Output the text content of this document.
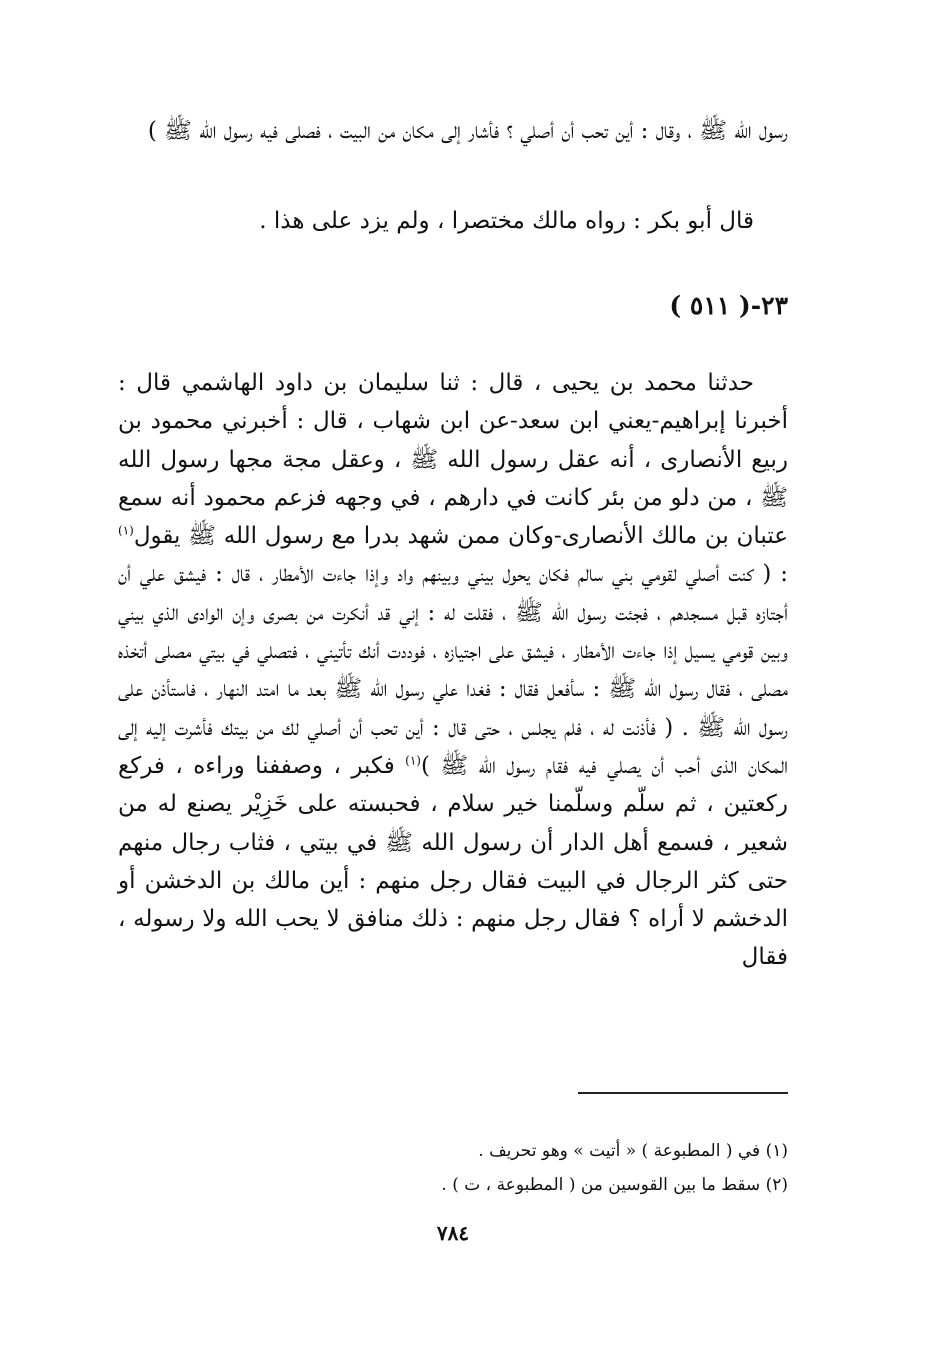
رسول الله ﷺ ، وقال : أين تحب أن أصلي ؟ فأشار إلى مكان من البيت ، فصلى فيه رسول الله ﷺ )

قال أبو بكر : رواه مالك مختصرا ، ولم يزد على هذا .

٢٣-( ٥١١ )

حدثنا محمد بن يحيى ، قال : ثنا سليمان بن داود الهاشمي قال : أخبرنا إبراهيم-يعني ابن سعد-عن ابن شهاب ، قال : أخبرني محمود بن ربيع الأنصارى ، أنه عقل رسول الله ﷺ ، وعقل مجة مجها رسول الله ﷺ ، من دلو من بئر كانت في دارهم ، في وجهه فزعم محمود أنه سمع عتبان بن مالك الأنصارى-وكان ممن شهد بدرا مع رسول الله ﷺ يقول$^{(١)}$ : ( كنت أصلي لقومي بني سالم فكان يحول بيني وبينهم واد وإذا جاءت الأمطار ، قال : فيشق علي أن أجتازه قبل مسجدهم ، فجئت رسول الله ﷺ ، فقلت له : إني قد أنكرت من بصرى وإن الوادى الذي بيني وبين قومي يسيل إذا جاءت الأمطار ، فيشق على اجتيازه ، فوددت أنك تأتيني ، فتصلي في بيتي مصلى أتخذه مصلى ، فقال رسول الله ﷺ : سأفعل فقال : فغدا علي رسول الله ﷺ بعد ما امتد النهار ، فاستأذن على رسول الله ﷺ . ( فأذنت له ، فلم يجلس ، حتى قال : أين تحب أن أصلي لك من بيتك فأشرت إليه إلى المكان الذى أحب أن يصلي فيه فقام رسول الله ﷺ )$^{(١)}$ فكبر ، وصففنا وراءه ، فركع ركعتين ، ثم سلّم وسلّمنا خير سلام ، فحبسته على خَزِيْر يصنع له من شعير ، فسمع أهل الدار أن رسول الله ﷺ في بيتي ، فثاب رجال منهم حتى كثر الرجال في البيت فقال رجل منهم : أين مالك بن الدخشن أو الدخشم لا أراه ؟ فقال رجل منهم : ذلك منافق لا يحب الله ولا رسوله ، فقال

(١) في ( المطبوعة ) « أتيت » وهو تحريف .

(٢) سقط ما بين القوسين من ( المطبوعة ، ت ) .

٧٨٤
